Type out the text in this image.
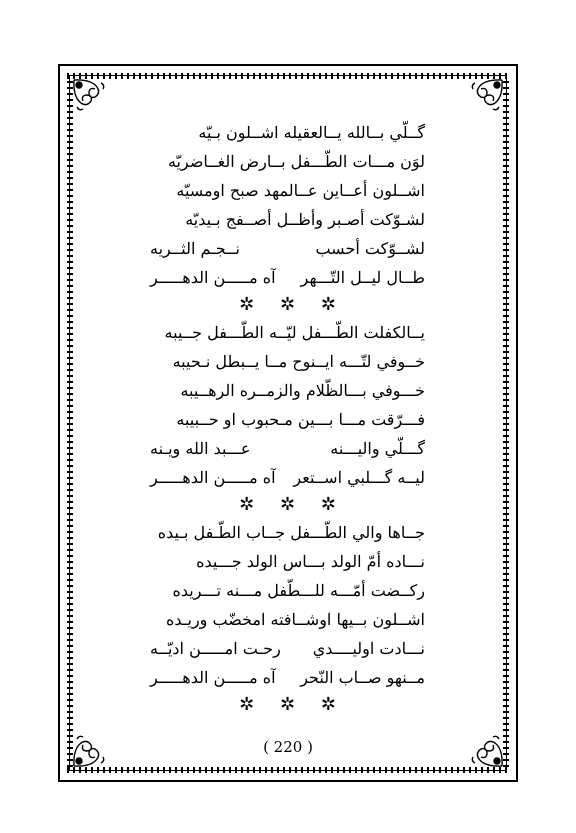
گــلّي بــالله يــالعقيله اشــلون بـيّه
لوَن مـــات الطّـــفل بــارض الغــاضريّه
اشــلون أعــاين عــالمهد صبح اومسيّه
لشـوّكت أصـبر وأظــل أصــفج بـيديّه
لشــوّكت أحسب
نــجـم الثــريه
طــال ليــل التّـــهر
آه مـــــن الدهـــــر
✲ ✲ ✲
يــالكفلت الطّـــفل ليّــه الطّـــفل جــيبه
خــوفي لتّـــه ايــنوح مــا يــبطل نـحيبه
خـــوفي بـــالظّلام والزمــره الرهــيبه
فـــرّقت مـــا بـــين مـحبوب او حــبيبه
گـــلّي واليـــنه
عـــبد الله ويـنه
ليــه گـــلبي اســتعر
آه مـــــن الدهـــــر
✲ ✲ ✲
جــاها والي الطّـــفل جــاب الطّـفل بـيده
نـــاده أمّ الولد بـــاس الولد جـــيده
ركــضت أمّـــه للـــطّفل مـــنه تـــريده
اشــلون بــيها اوشــافته امخضّب وريـده
نـــادت اوليــــدي
رحـت امـــــن اديّــه
مــنهو صــاب النّحر
آه مـــــن الدهـــــر
✲ ✲ ✲
( 220 )
